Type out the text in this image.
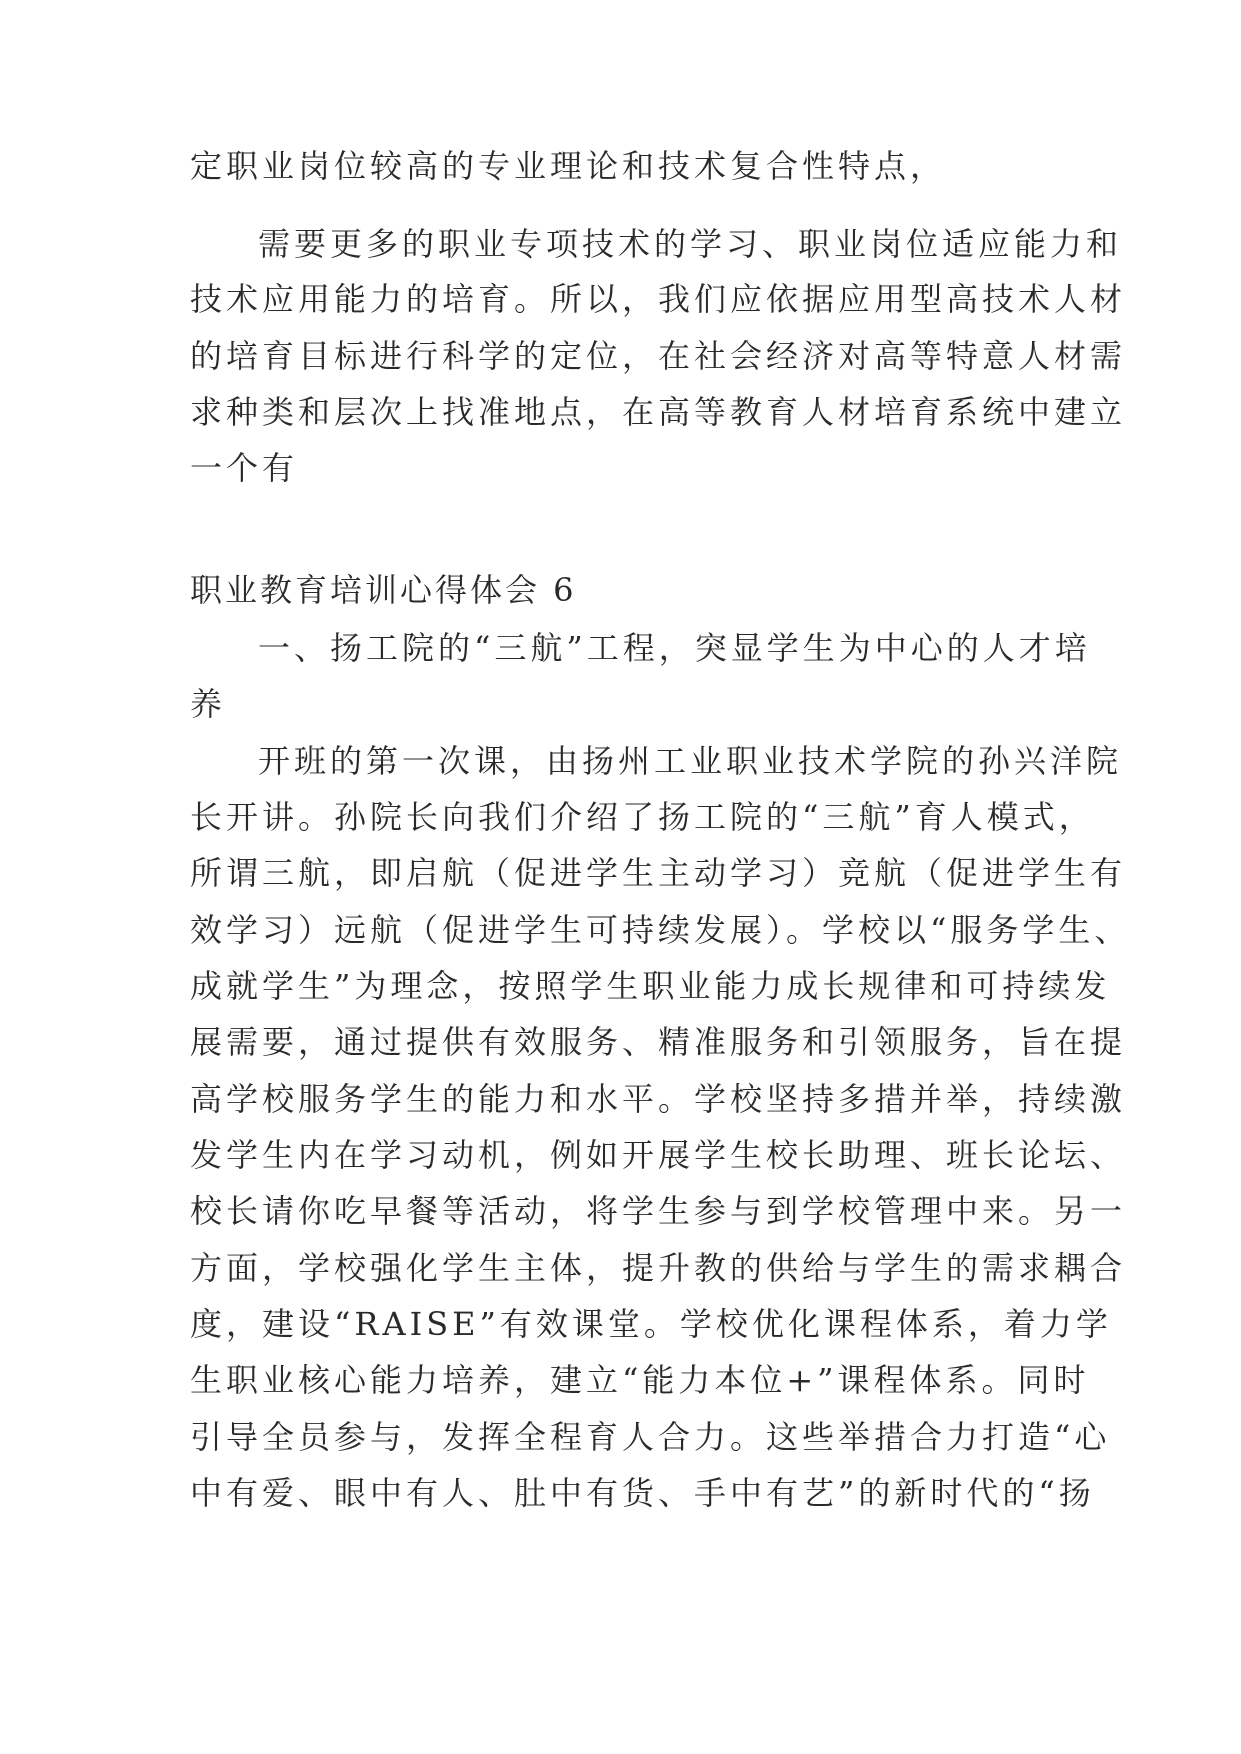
定职业岗位较高的专业理论和技术复合性特点，

需要更多的职业专项技术的学习、职业岗位适应能力和

技术应用能力的培育。所以，我们应依据应用型高技术人材

的培育目标进行科学的定位，在社会经济对高等特意人材需

求种类和层次上找准地点，在高等教育人材培育系统中建立

一个有

职业教育培训心得体会 6

一、扬工院的“三航”工程，突显学生为中心的人才培

养

开班的第一次课，由扬州工业职业技术学院的孙兴洋院

长开讲。孙院长向我们介绍了扬工院的“三航”育人模式，

所谓三航，即启航（促进学生主动学习）竞航（促进学生有

效学习）远航（促进学生可持续发展）。学校以“服务学生、

成就学生”为理念，按照学生职业能力成长规律和可持续发

展需要，通过提供有效服务、精准服务和引领服务，旨在提

高学校服务学生的能力和水平。学校坚持多措并举，持续激

发学生内在学习动机，例如开展学生校长助理、班长论坛、

校长请你吃早餐等活动，将学生参与到学校管理中来。另一

方面，学校强化学生主体，提升教的供给与学生的需求耦合

度，建设“RAISE”有效课堂。学校优化课程体系，着力学

生职业核心能力培养，建立“能力本位+”课程体系。同时

引导全员参与，发挥全程育人合力。这些举措合力打造“心

中有爱、眼中有人、肚中有货、手中有艺”的新时代的“扬
